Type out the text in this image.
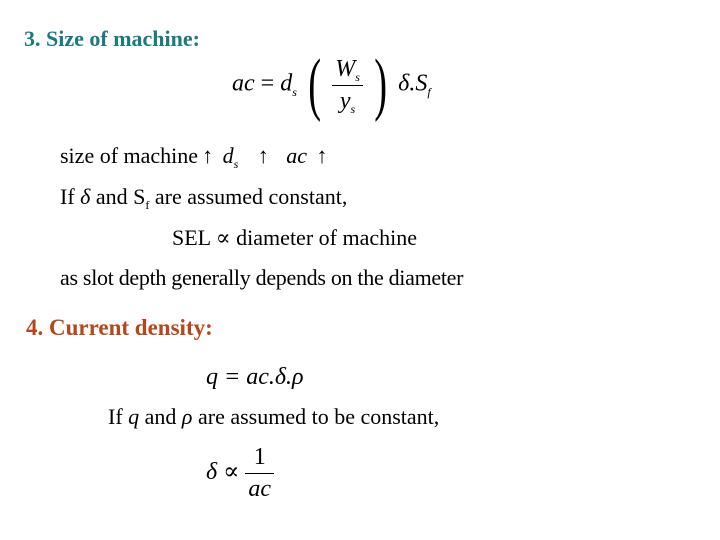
3. Size of machine:
ac = $d_s$ ( $\frac{W_s}{y_s}$ ) $\delta.S_f$
size of machine ↑ $d_s$ ↑ ac ↑
If δ and $S_f$ are assumed constant,
SEL ∝ diameter of machine
as slot depth generally depends on the diameter
4. Current density:
q = ac.δ.ρ
If q and ρ are assumed to be constant,
$\delta \propto \frac{1}{ac}$
